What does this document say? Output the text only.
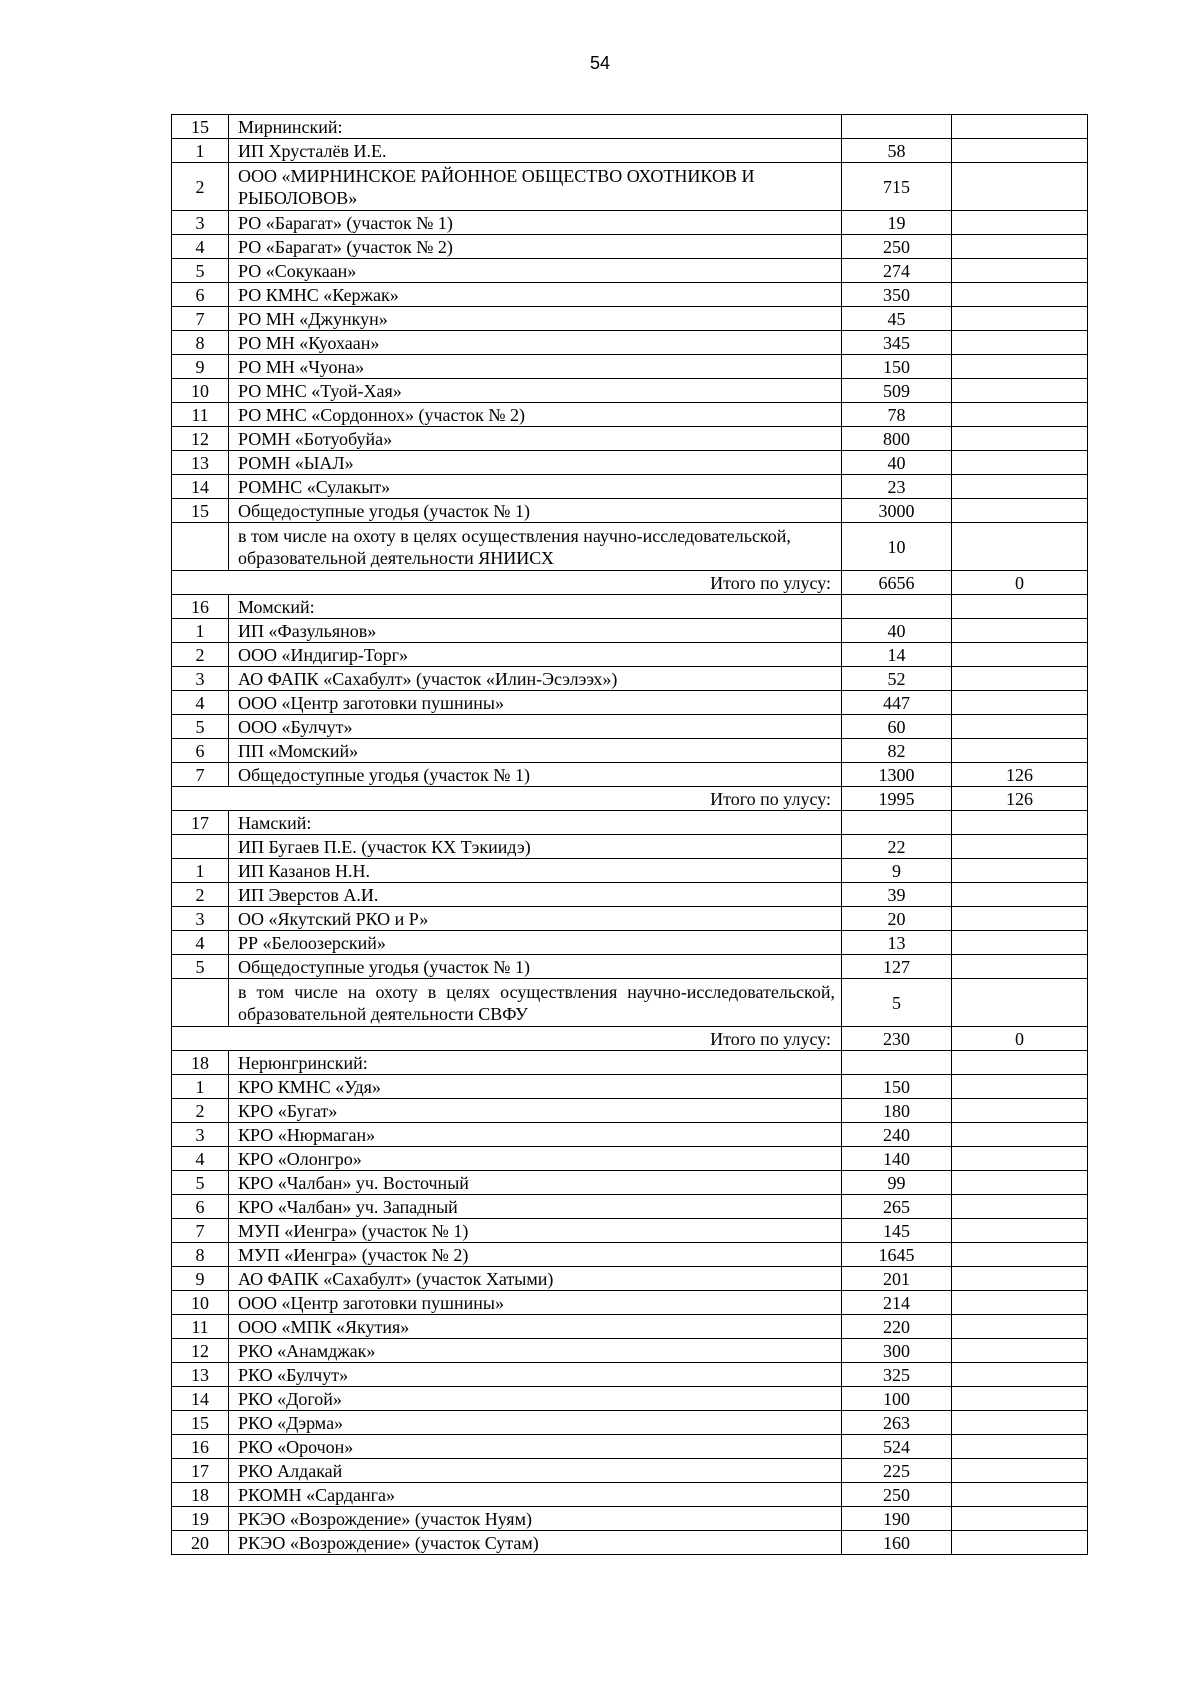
54
15	Мирнинский:		
1	ИП Хрусталёв И.Е.	58	
2	ООО «МИРНИНСКОЕ РАЙОННОЕ ОБЩЕСТВО ОХОТНИКОВ И РЫБОЛОВОВ»	715	
3	РО «Барагат» (участок № 1)	19	
4	РО «Барагат» (участок № 2)	250	
5	РО «Сокукаан»	274	
6	РО КМНС «Кержак»	350	
7	РО МН «Джункун»	45	
8	РО МН «Куохаан»	345	
9	РО МН «Чуона»	150	
10	РО МНС «Туой-Хая»	509	
11	РО МНС «Сордоннох» (участок № 2)	78	
12	РОМН «Ботуобуйа»	800	
13	РОМН «ЫАЛ»	40	
14	РОМНС «Сулакыт»	23	
15	Общедоступные угодья (участок № 1)	3000	
	в том числе на охоту в целях осуществления научно-исследовательской, образовательной деятельности ЯНИИСХ	10	
Итого по улусу:		6656	0
16	Момский:		
1	ИП «Фазульянов»	40	
2	ООО «Индигир-Торг»	14	
3	АО ФАПК «Сахабулт» (участок «Илин-Эсэлээх»)	52	
4	ООО «Центр заготовки пушнины»	447	
5	ООО «Булчут»	60	
6	ПП «Момский»	82	
7	Общедоступные угодья (участок № 1)	1300	126
Итого по улусу:		1995	126
17	Намский:		
	ИП Бугаев П.Е. (участок КХ Тэкиидэ)	22	
1	ИП Казанов Н.Н.	9	
2	ИП Эверстов А.И.	39	
3	ОО «Якутский РКО и Р»	20	
4	РР «Белоозерский»	13	
5	Общедоступные угодья (участок № 1)	127	
	в том числе на охоту в целях осуществления научно-исследовательской, образовательной деятельности СВФУ	5	
Итого по улусу:		230	0
18	Нерюнгринский:		
1	КРО КМНС «Удя»	150	
2	КРО «Бугат»	180	
3	КРО «Нюрмаган»	240	
4	КРО «Олонгро»	140	
5	КРО «Чалбан» уч. Восточный	99	
6	КРО «Чалбан» уч. Западный	265	
7	МУП «Иенгра» (участок № 1)	145	
8	МУП «Иенгра» (участок № 2)	1645	
9	АО ФАПК «Сахабулт» (участок Хатыми)	201	
10	ООО «Центр заготовки пушнины»	214	
11	ООО «МПК «Якутия»	220	
12	РКО «Анамджак»	300	
13	РКО «Булчут»	325	
14	РКО «Догой»	100	
15	РКО «Дэрма»	263	
16	РКО «Орочон»	524	
17	РКО Алдакай	225	
18	РКОМН «Сарданга»	250	
19	РКЭО «Возрождение» (участок Нуям)	190	
20	РКЭО «Возрождение» (участок Сутам)	160	
